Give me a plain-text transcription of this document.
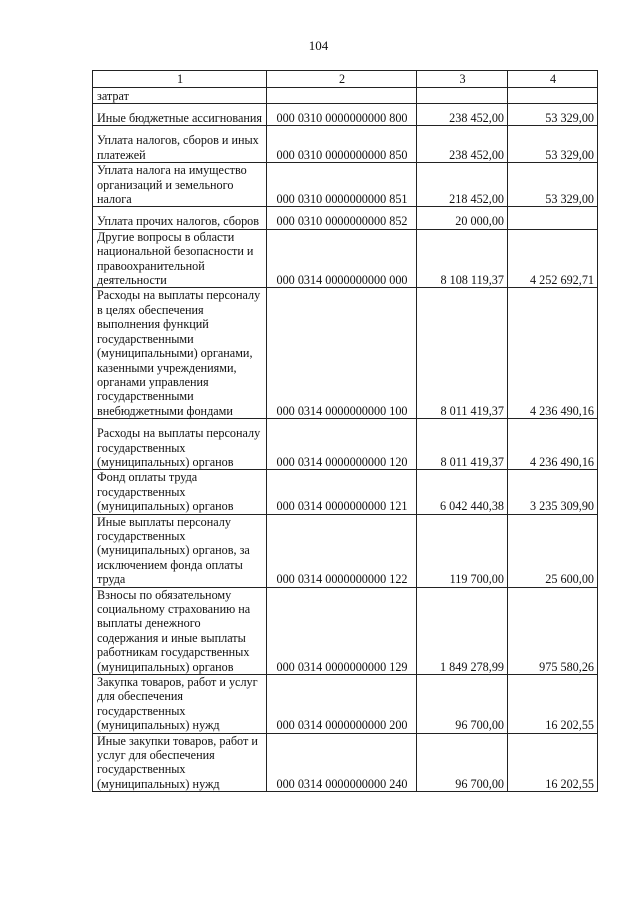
104
1	2	3	4
затрат			
Иные бюджетные ассигнования	000 0310 0000000000 800	238 452,00	53 329,00
Уплата налогов, сборов и иных платежей	000 0310 0000000000 850	238 452,00	53 329,00
Уплата налога на имущество организаций и земельного налога	000 0310 0000000000 851	218 452,00	53 329,00
Уплата прочих налогов, сборов	000 0310 0000000000 852	20 000,00	
Другие вопросы в области национальной безопасности и правоохранительной деятельности	000 0314 0000000000 000	8 108 119,37	4 252 692,71
Расходы на выплаты персоналу в целях обеспечения выполнения функций государственными (муниципальными) органами, казенными учреждениями, органами управления государственными внебюджетными фондами	000 0314 0000000000 100	8 011 419,37	4 236 490,16
Расходы на выплаты персоналу государственных (муниципальных) органов	000 0314 0000000000 120	8 011 419,37	4 236 490,16
Фонд оплаты труда государственных (муниципальных) органов	000 0314 0000000000 121	6 042 440,38	3 235 309,90
Иные выплаты персоналу государственных (муниципальных) органов, за исключением фонда оплаты труда	000 0314 0000000000 122	119 700,00	25 600,00
Взносы по обязательному социальному страхованию на выплаты денежного содержания и иные выплаты работникам государственных (муниципальных) органов	000 0314 0000000000 129	1 849 278,99	975 580,26
Закупка товаров, работ и услуг для обеспечения государственных (муниципальных) нужд	000 0314 0000000000 200	96 700,00	16 202,55
Иные закупки товаров, работ и услуг для обеспечения государственных (муниципальных) нужд	000 0314 0000000000 240	96 700,00	16 202,55
